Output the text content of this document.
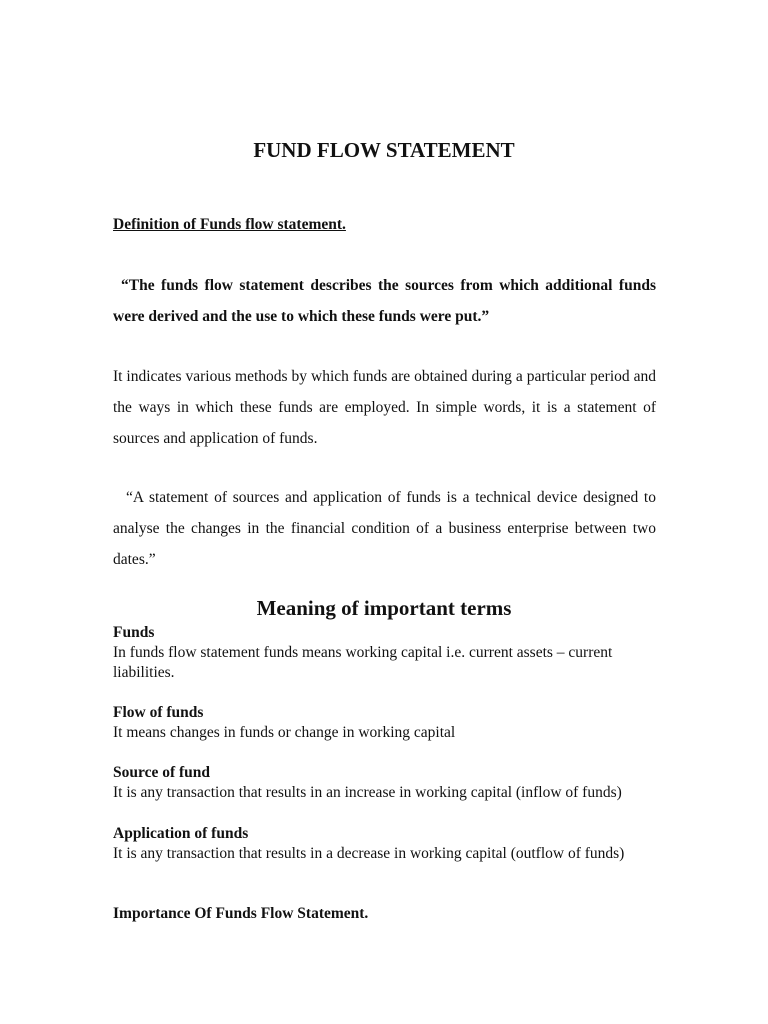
FUND FLOW STATEMENT
Definition of Funds flow statement.
“The funds flow statement describes the sources from which additional funds were derived and the use to which these funds were put.”
It indicates various methods by which funds are obtained during a particular period and the ways in which these funds are employed. In simple words, it is a statement of sources and application of funds.
“A statement of sources and application of funds is a technical device designed to analyse the changes in the financial condition of a business enterprise between two dates.”
Meaning of important terms
Funds
In funds flow statement funds means working capital i.e. current assets – current liabilities.
Flow of funds
It means changes in funds or change in working capital
Source of fund
It is any transaction that results in an increase in working capital (inflow of funds)
Application of funds
It is any transaction that results in a decrease in working capital (outflow of funds)
Importance Of Funds Flow Statement.
